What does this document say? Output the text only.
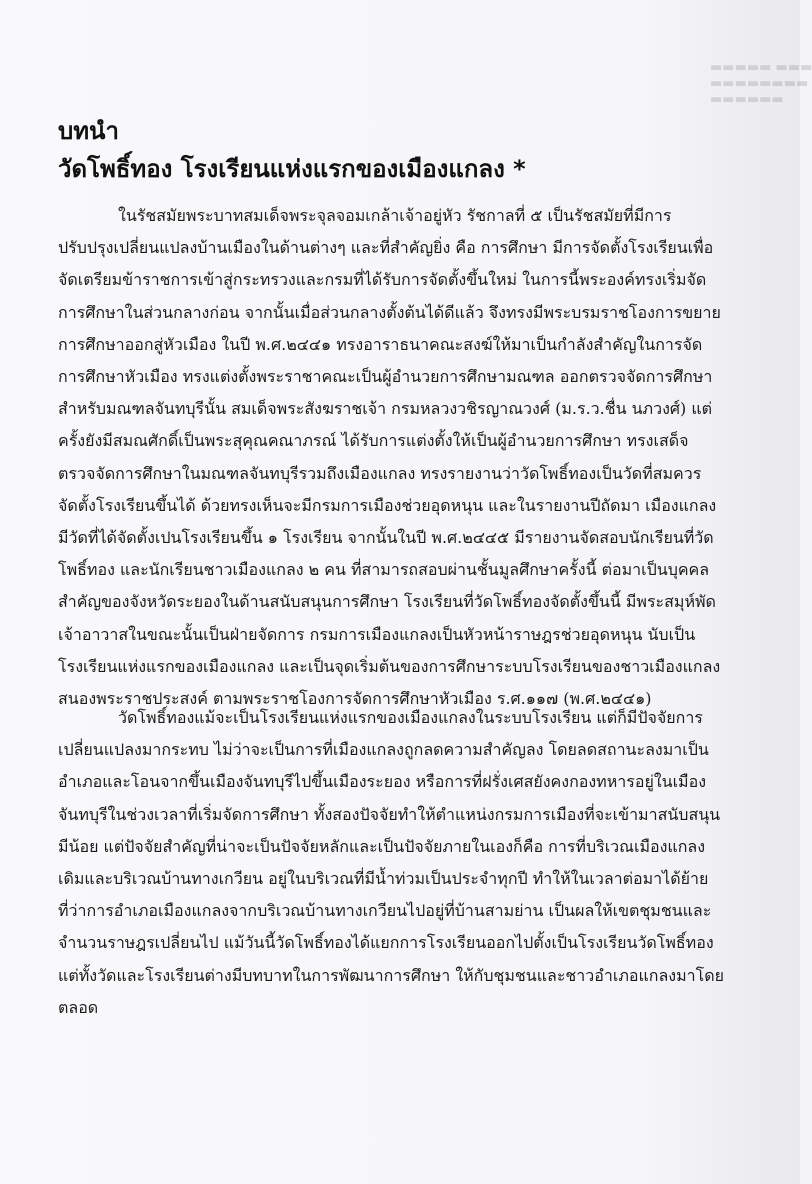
▬▬▬▬▬ ▬▬▬
▬▬▬▬▬▬▬▬
▬▬▬▬▬▬
บทนำ
วัดโพธิ์ทอง โรงเรียนแห่งแรกของเมืองแกลง *
ในรัชสมัยพระบาทสมเด็จพระจุลจอมเกล้าเจ้าอยู่หัว รัชกาลที่ ๕ เป็นรัชสมัยที่มีการ
ปรับปรุงเปลี่ยนแปลงบ้านเมืองในด้านต่างๆ และที่สำคัญยิ่ง คือ การศึกษา มีการจัดตั้งโรงเรียนเพื่อ
จัดเตรียมข้าราชการเข้าสู่กระทรวงและกรมที่ได้รับการจัดตั้งขึ้นใหม่ ในการนี้พระองค์ทรงเริ่มจัด
การศึกษาในส่วนกลางก่อน จากนั้นเมื่อส่วนกลางตั้งต้นได้ดีแล้ว จึงทรงมีพระบรมราชโองการขยาย
การศึกษาออกสู่หัวเมือง ในปี พ.ศ.๒๔๔๑ ทรงอาราธนาคณะสงฆ์ให้มาเป็นกำลังสำคัญในการจัด
การศึกษาหัวเมือง ทรงแต่งตั้งพระราชาคณะเป็นผู้อำนวยการศึกษามณฑล ออกตรวจจัดการศึกษา
สำหรับมณฑลจันทบุรีนั้น สมเด็จพระสังฆราชเจ้า กรมหลวงวชิรญาณวงศ์ (ม.ร.ว.ชื่น นภวงศ์) แต่
ครั้งยังมีสมณศักดิ์เป็นพระสุคุณคณาภรณ์ ได้รับการแต่งตั้งให้เป็นผู้อำนวยการศึกษา ทรงเสด็จ
ตรวจจัดการศึกษาในมณฑลจันทบุรีรวมถึงเมืองแกลง ทรงรายงานว่าวัดโพธิ์ทองเป็นวัดที่สมควร
จัดตั้งโรงเรียนขึ้นได้ ด้วยทรงเห็นจะมีกรมการเมืองช่วยอุดหนุน และในรายงานปีถัดมา เมืองแกลง
มีวัดที่ได้จัดตั้งเปนโรงเรียนขึ้น ๑ โรงเรียน จากนั้นในปี พ.ศ.๒๔๔๕ มีรายงานจัดสอบนักเรียนที่วัด
โพธิ์ทอง และนักเรียนชาวเมืองแกลง ๒ คน ที่สามารถสอบผ่านชั้นมูลศึกษาครั้งนี้ ต่อมาเป็นบุคคล
สำคัญของจังหวัดระยองในด้านสนับสนุนการศึกษา โรงเรียนที่วัดโพธิ์ทองจัดตั้งขึ้นนี้ มีพระสมุห์พัด
เจ้าอาวาสในขณะนั้นเป็นฝ่ายจัดการ กรมการเมืองแกลงเป็นหัวหน้าราษฎรช่วยอุดหนุน นับเป็น
โรงเรียนแห่งแรกของเมืองแกลง และเป็นจุดเริ่มต้นของการศึกษาระบบโรงเรียนของชาวเมืองแกลง
สนองพระราชประสงค์ ตามพระราชโองการจัดการศึกษาหัวเมือง ร.ศ.๑๑๗ (พ.ศ.๒๔๔๑)
วัดโพธิ์ทองแม้จะเป็นโรงเรียนแห่งแรกของเมืองแกลงในระบบโรงเรียน แต่ก็มีปัจจัยการ
เปลี่ยนแปลงมากระทบ ไม่ว่าจะเป็นการที่เมืองแกลงถูกลดความสำคัญลง โดยลดสถานะลงมาเป็น
อำเภอและโอนจากขึ้นเมืองจันทบุรีไปขึ้นเมืองระยอง หรือการที่ฝรั่งเศสยังคงกองทหารอยู่ในเมือง
จันทบุรีในช่วงเวลาที่เริ่มจัดการศึกษา ทั้งสองปัจจัยทำให้ตำแหน่งกรมการเมืองที่จะเข้ามาสนับสนุน
มีน้อย แต่ปัจจัยสำคัญที่น่าจะเป็นปัจจัยหลักและเป็นปัจจัยภายในเองก็คือ การที่บริเวณเมืองแกลง
เดิมและบริเวณบ้านทางเกวียน อยู่ในบริเวณที่มีน้ำท่วมเป็นประจำทุกปี ทำให้ในเวลาต่อมาได้ย้าย
ที่ว่าการอำเภอเมืองแกลงจากบริเวณบ้านทางเกวียนไปอยู่ที่บ้านสามย่าน เป็นผลให้เขตชุมชนและ
จำนวนราษฎรเปลี่ยนไป แม้วันนี้วัดโพธิ์ทองได้แยกการโรงเรียนออกไปตั้งเป็นโรงเรียนวัดโพธิ์ทอง
แต่ทั้งวัดและโรงเรียนต่างมีบทบาทในการพัฒนาการศึกษา ให้กับชุมชนและชาวอำเภอแกลงมาโดย
ตลอด
